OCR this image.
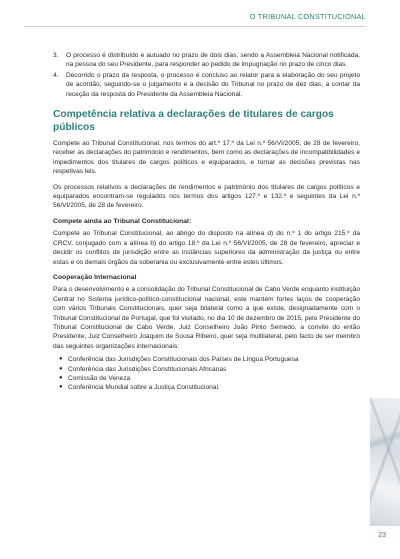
O TRIBUNAL CONSTITUCIONAL
3. O processo é distribuído e autuado no prazo de dois dias, sendo a Assembleia Nacional notificada, na pessoa do seu Presidente, para responder ao pedido de impugnação no prazo de cinco dias.
4. Decorrido o prazo da resposta, o processo é concluso ao relator para a elaboração do seu projeto de acórdão, seguindo-se o julgamento e a decisão do Tribunal no prazo de dez dias, a contar da receção da resposta do Presidente da Assembleia Nacional.
Competência relativa a declarações de titulares de cargos públicos

Compete ao Tribunal Constitucional, nos termos do art.º 17.º da Lei n.º 56/VI/2005, de 28 de fevereiro, receber as declarações do património e rendimentos, bem como as declarações de incompatibilidades e impedimentos dos titulares de cargos políticos e equiparados, e tornar as decisões previstas nas respetivas leis.

Os processos relativos a declarações de rendimentos e património dos titulares de cargos políticos e equiparados encontram-se regulados nos termos dos artigos 127.º e 132.º e seguintes da Lei n.º 56/VI/2005, de 28 de fevereiro.

Compete ainda ao Tribunal Constitucional:

Compete ao Tribunal Constitucional, ao abrigo do disposto na alínea d) do n.º 1 do artigo 215.º da CRCV, conjugado com a alínea b) do artigo 18.º da Lei n.º 56/VI/2005, de 28 de fevereiro, apreciar e decidir os conflitos de jurisdição entre as instâncias superiores da administração da justiça ou entre estas e os demais órgãos da soberania ou exclusivamente entre estes últimos.

Cooperação Internacional

Para o desenvolvimento e a consolidação do Tribunal Constitucional de Cabo Verde enquanto instituição Central no Sistema jurídico-político-constitucional nacional, este mantém fortes laços de cooperação com vários Tribunais Constitucionais, quer seja bilateral como a que existe, designadamente com o Tribunal Constitucional de Portugal, que foi visitado, no dia 10 de dezembro de 2015, pelo Presidente do Tribunal Constitucional de Cabo Verde, Juiz Conselheiro João Pinto Semedo, a convite do então Presidente, Juiz Conselheiro Joaquim de Sousa Ribeiro, quer seja multilateral, pelo facto de ser membro das seguintes organizações internacionais:

● Conferência das Jurisdições Constitucionais dos Países de Língua Portuguesa
● Conferência das Jurisdições Constitucionais Africanas
● Comissão de Veneza
● Conferência Mundial sobre a Justiça Constitucional.
23
